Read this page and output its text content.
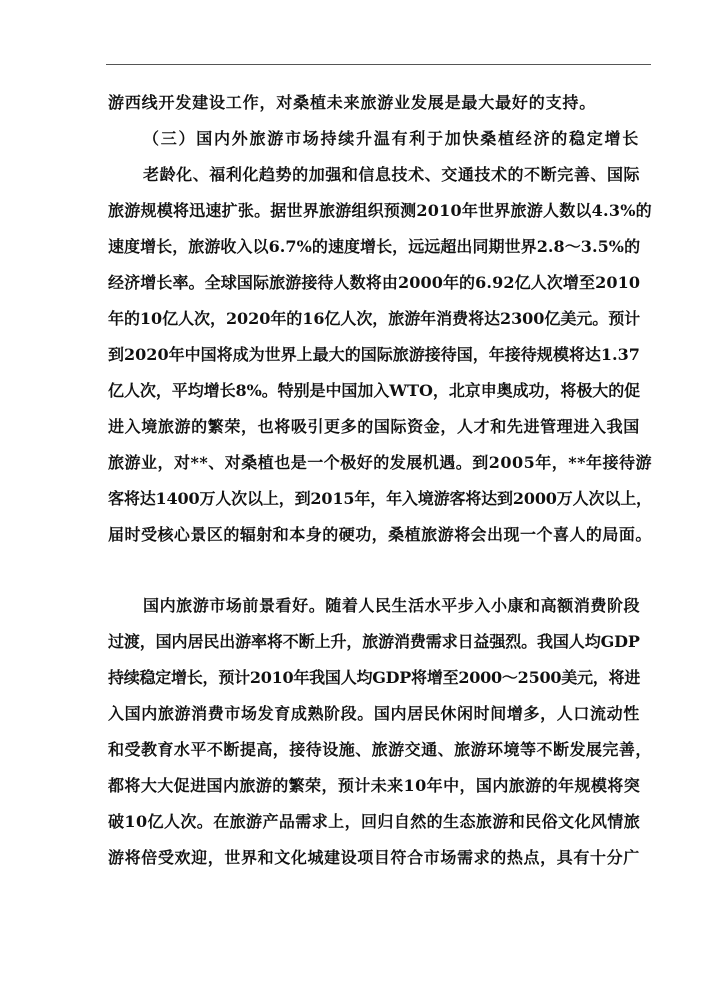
游西线开发建设工作，对桑植未来旅游业发展是最大最好的支持。
（三）国内外旅游市场持续升温有利于加快桑植经济的稳定增长
老龄化、福利化趋势的加强和信息技术、交通技术的不断完善、国际
旅游规模将迅速扩张。据世界旅游组织预测2010年世界旅游人数以4.3%的
速度增长，旅游收入以6.7%的速度增长，远远超出同期世界2.8～3.5%的
经济增长率。全球国际旅游接待人数将由2000年的6.92亿人次增至2010
年的10亿人次，2020年的16亿人次，旅游年消费将达2300亿美元。预计
到2020年中国将成为世界上最大的国际旅游接待国，年接待规模将达1.37
亿人次，平均增长8%。特别是中国加入WTO，北京申奥成功，将极大的促
进入境旅游的繁荣，也将吸引更多的国际资金，人才和先进管理进入我国
旅游业，对**、对桑植也是一个极好的发展机遇。到2005年，**年接待游
客将达1400万人次以上，到2015年，年入境游客将达到2000万人次以上，
届时受核心景区的辐射和本身的硬功，桑植旅游将会出现一个喜人的局面。
国内旅游市场前景看好。随着人民生活水平步入小康和高额消费阶段
过渡，国内居民出游率将不断上升，旅游消费需求日益强烈。我国人均GDP
持续稳定增长，预计2010年我国人均GDP将增至2000～2500美元，将进
入国内旅游消费市场发育成熟阶段。国内居民休闲时间增多，人口流动性
和受教育水平不断提高，接待设施、旅游交通、旅游环境等不断发展完善，
都将大大促进国内旅游的繁荣，预计未来10年中，国内旅游的年规模将突
破10亿人次。在旅游产品需求上，回归自然的生态旅游和民俗文化风情旅
游将倍受欢迎，世界和文化城建设项目符合市场需求的热点，具有十分广
